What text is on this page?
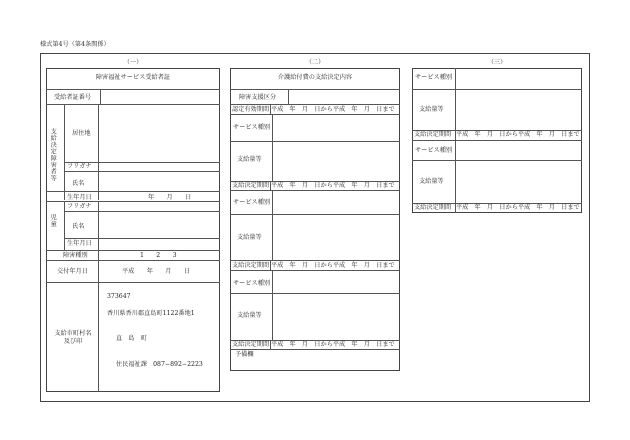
様式第4号（第4条関係）
（一）	（二）	（三）
障害福祉サービス受給者証
受給者証番号
支給決定障害者等	居住地
フリガナ
氏名
生年月日	年　　月　　日
児童
フリガナ
氏名
生年月日
障害種別	1　　2　　3
交付年月日	平成　　年　　月　　日
支給市町村名及び印
373647
香川県香川郡直島町1122番地1
直　島　町
住民福祉課　087−892−2223
介護給付費の支給決定内容
障害支援区分
認定有効期間 平成　年　月　日から平成　年　月　日まで
サービス種別
支給量等
支給決定期間 平成　年　月　日から平成　年　月　日まで
サービス種別
支給量等
支給決定期間 平成　年　月　日から平成　年　月　日まで
サービス種別
支給量等
支給決定期間 平成　年　月　日から平成　年　月　日まで
予備欄
サービス種別
支給量等
支給決定期間 平成　年　月　日から平成　年　月　日まで
サービス種別
支給量等
支給決定期間 平成　年　月　日から平成　年　月　日まで
